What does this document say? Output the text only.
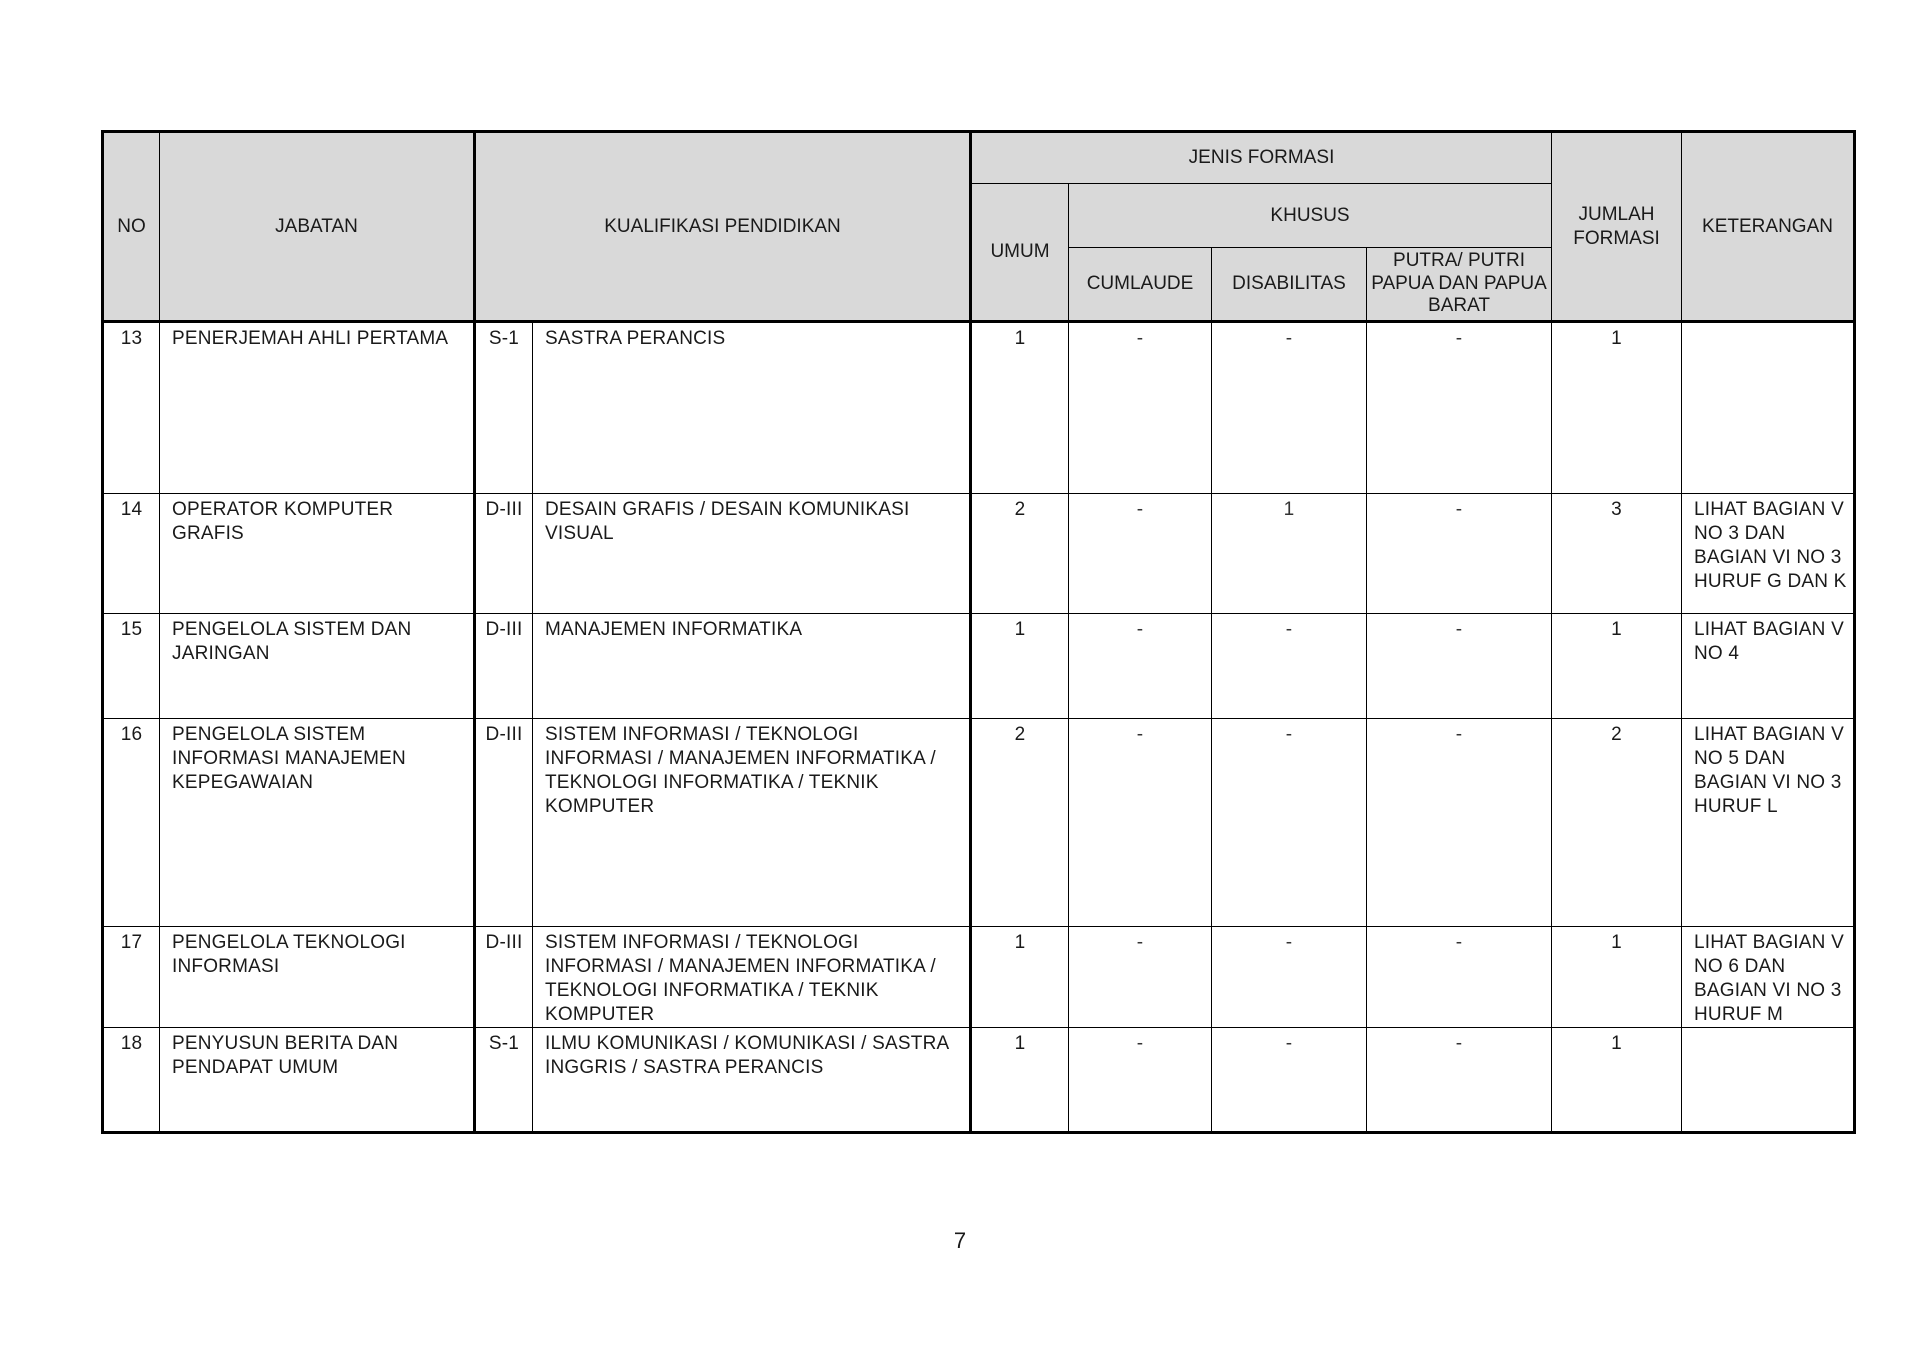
NO	JABATAN	KUALIFIKASI PENDIDIKAN		JENIS FORMASI				JUMLAH FORMASI	KETERANGAN
				UMUM	KHUSUS				
					CUMLAUDE	DISABILITAS	PUTRA/ PUTRI PAPUA DAN PAPUA BARAT		
13	PENERJEMAH AHLI PERTAMA	S-1	SASTRA PERANCIS	1	-	-	-	1	
14	OPERATOR KOMPUTER GRAFIS	D-III	DESAIN GRAFIS / DESAIN KOMUNIKASI VISUAL	2	-	1	-	3	LIHAT BAGIAN V NO 3 DAN BAGIAN VI NO 3 HURUF G DAN K
15	PENGELOLA SISTEM DAN JARINGAN	D-III	MANAJEMEN INFORMATIKA	1	-	-	-	1	LIHAT BAGIAN V NO 4
16	PENGELOLA SISTEM INFORMASI MANAJEMEN KEPEGAWAIAN	D-III	SISTEM INFORMASI / TEKNOLOGI INFORMASI / MANAJEMEN INFORMATIKA / TEKNOLOGI INFORMATIKA / TEKNIK KOMPUTER	2	-	-	-	2	LIHAT BAGIAN V NO 5 DAN BAGIAN VI NO 3 HURUF L
17	PENGELOLA TEKNOLOGI INFORMASI	D-III	SISTEM INFORMASI / TEKNOLOGI INFORMASI / MANAJEMEN INFORMATIKA / TEKNOLOGI INFORMATIKA / TEKNIK KOMPUTER	1	-	-	-	1	LIHAT BAGIAN V NO 6 DAN BAGIAN VI NO 3 HURUF M
18	PENYUSUN BERITA DAN PENDAPAT UMUM	S-1	ILMU KOMUNIKASI / KOMUNIKASI / SASTRA INGGRIS / SASTRA PERANCIS	1	-	-	-	1	
7
